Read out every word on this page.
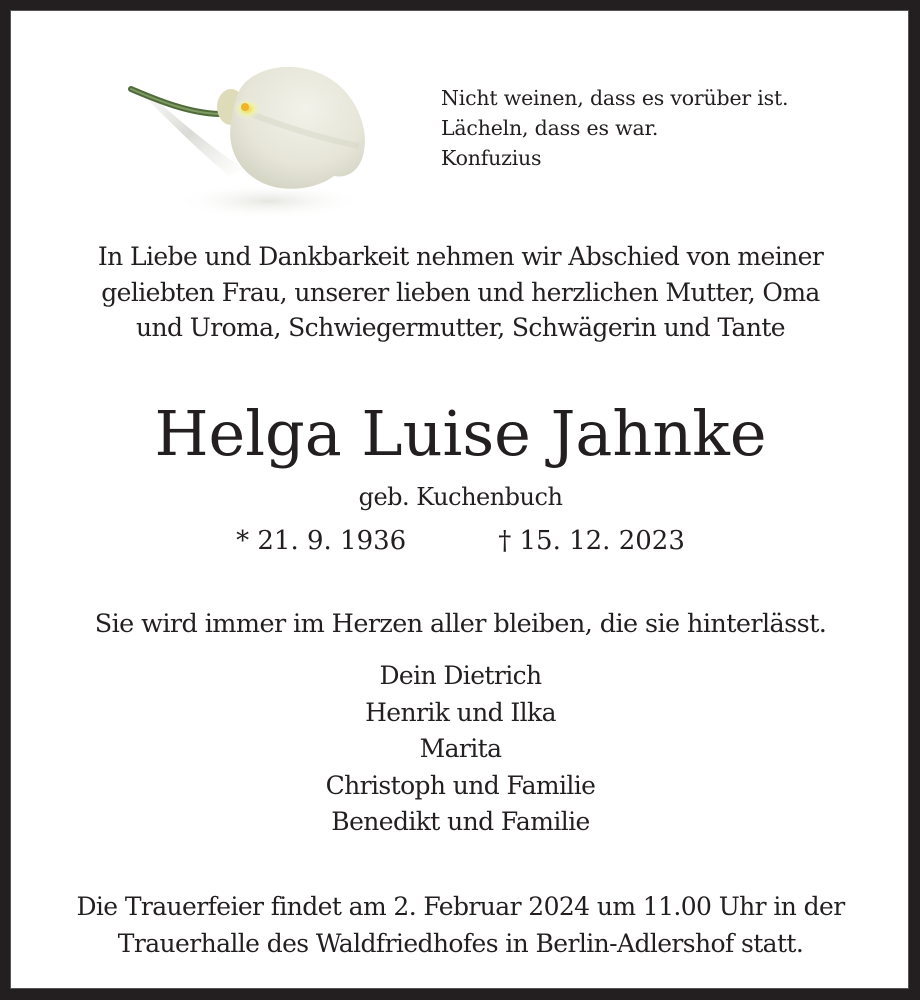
Nicht weinen, dass es vorüber ist.
Lächeln, dass es war.
Konfuzius
In Liebe und Dankbarkeit nehmen wir Abschied von meiner
geliebten Frau, unserer lieben und herzlichen Mutter, Oma
und Uroma, Schwiegermutter, Schwägerin und Tante
Helga Luise Jahnke
geb. Kuchenbuch
* 21. 9. 1936	† 15. 12. 2023
Sie wird immer im Herzen aller bleiben, die sie hinterlässt.
Dein Dietrich
Henrik und Ilka
Marita
Christoph und Familie
Benedikt und Familie
Die Trauerfeier findet am 2. Februar 2024 um 11.00 Uhr in der
Trauerhalle des Waldfriedhofes in Berlin-Adlershof statt.
